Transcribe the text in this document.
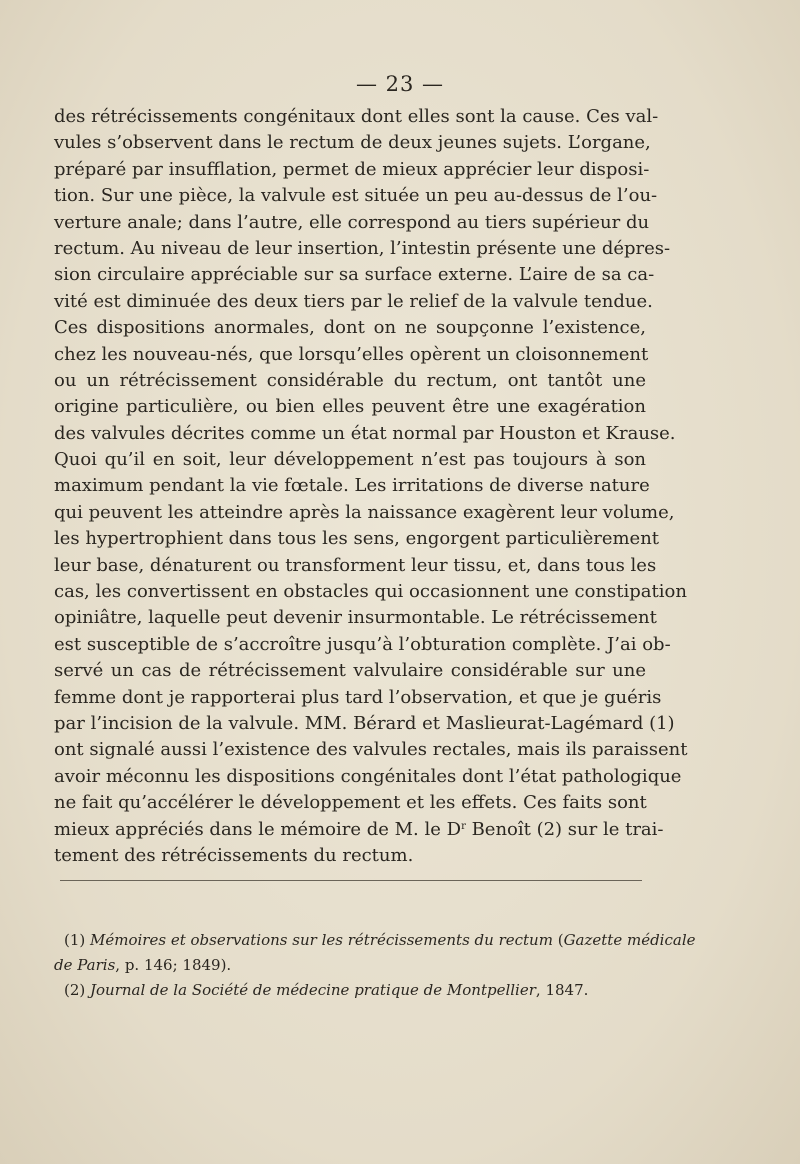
— 23 —
des rétrécissements congénitaux dont elles sont la cause. Ces val-
vules s’observent dans le rectum de deux jeunes sujets. L’organe,
préparé par insufflation, permet de mieux apprécier leur disposi-
tion. Sur une pièce, la valvule est située un peu au-dessus de l’ou-
verture anale; dans l’autre, elle correspond au tiers supérieur du
rectum. Au niveau de leur insertion, l’intestin présente une dépres-
sion circulaire appréciable sur sa surface externe. L’aire de sa ca-
vité est diminuée des deux tiers par le relief de la valvule tendue.
Ces dispositions anormales, dont on ne soupçonne l’existence,
chez les nouveau-nés, que lorsqu’elles opèrent un cloisonnement
ou un rétrécissement considérable du rectum, ont tantôt une
origine particulière, ou bien elles peuvent être une exagération
des valvules décrites comme un état normal par Houston et Krause.
Quoi qu’il en soit, leur développement n’est pas toujours à son
maximum pendant la vie fœtale. Les irritations de diverse nature
qui peuvent les atteindre après la naissance exagèrent leur volume,
les hypertrophient dans tous les sens, engorgent particulièrement
leur base, dénaturent ou transforment leur tissu, et, dans tous les
cas, les convertissent en obstacles qui occasionnent une constipation
opiniâtre, laquelle peut devenir insurmontable. Le rétrécissement
est susceptible de s’accroître jusqu’à l’obturation complète. J’ai ob-
servé un cas de rétrécissement valvulaire considérable sur une
femme dont je rapporterai plus tard l’observation, et que je guéris
par l’incision de la valvule. MM. Bérard et Maslieurat-Lagémard (1)
ont signalé aussi l’existence des valvules rectales, mais ils paraissent
avoir méconnu les dispositions congénitales dont l’état pathologique
ne fait qu’accélérer le développement et les effets. Ces faits sont
mieux appréciés dans le mémoire de M. le $D^r$ Benoît (2) sur le trai-
tement des rétrécissements du rectum.
(1) Mémoires et observations sur les rétrécissements du rectum (Gazette médicale
de Paris, p. 146; 1849).
(2) Journal de la Société de médecine pratique de Montpellier, 1847.
